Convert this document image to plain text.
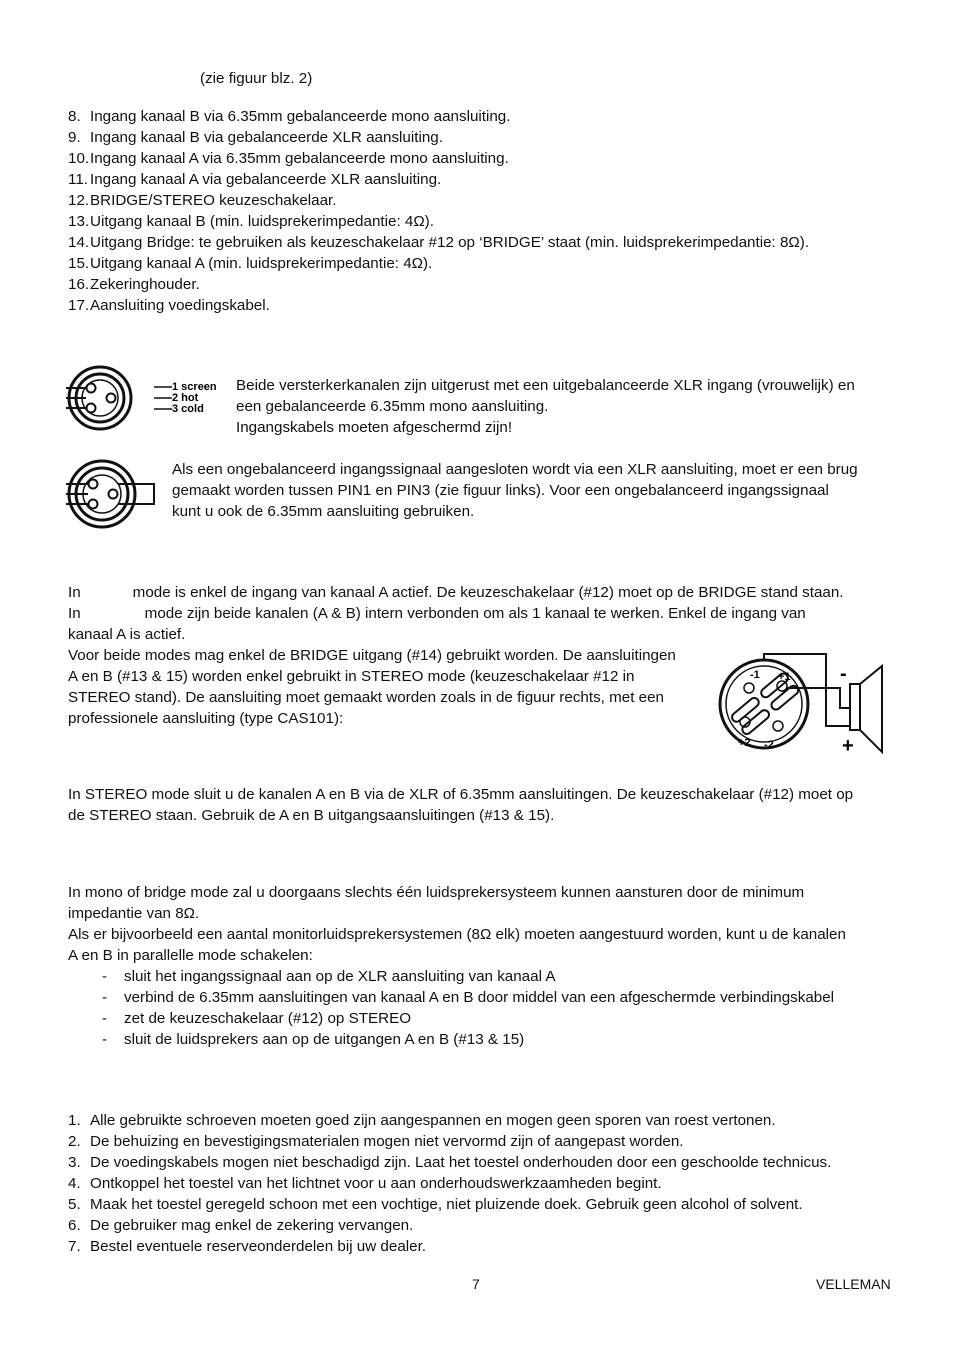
(zie figuur blz. 2)
8. Ingang kanaal B via 6.35mm gebalanceerde mono aansluiting.
9. Ingang kanaal B via gebalanceerde XLR aansluiting.
10.Ingang kanaal A via 6.35mm gebalanceerde mono aansluiting.
11. Ingang kanaal A via gebalanceerde XLR aansluiting.
12.BRIDGE/STEREO keuzeschakelaar.
13.Uitgang kanaal B (min. luidsprekerimpedantie: 4Ω).
14.Uitgang Bridge: te gebruiken als keuzeschakelaar #12 op ‘BRIDGE’ staat (min. luidsprekerimpedantie: 8Ω).
15.Uitgang kanaal A (min. luidsprekerimpedantie: 4Ω).
16.Zekeringhouder.
17.Aansluiting voedingskabel.
1 screen
2 hot
3 cold
Beide versterkerkanalen zijn uitgerust met een uitgebalanceerde XLR ingang (vrouwelijk) en
een gebalanceerde 6.35mm mono aansluiting.
Ingangskabels moeten afgeschermd zijn!
Als een ongebalanceerd ingangssignaal aangesloten wordt via een XLR aansluiting, moet er een brug
gemaakt worden tussen PIN1 en PIN3 (zie figuur links). Voor een ongebalanceerd ingangssignaal
kunt u ook de 6.35mm aansluiting gebruiken.
In	mode is enkel de ingang van kanaal A actief. De keuzeschakelaar (#12) moet op de BRIDGE stand staan.
In	mode zijn beide kanalen (A & B) intern verbonden om als 1 kanaal te werken. Enkel de ingang van
kanaal A is actief.
Voor beide modes mag enkel de BRIDGE uitgang (#14) gebruikt worden. De aansluitingen
A en B (#13 & 15) worden enkel gebruikt in STEREO mode (keuzeschakelaar #12 in
STEREO stand). De aansluiting moet gemaakt worden zoals in de figuur rechts, met een
professionele aansluiting (type CAS101):
-1 +1
+2 -2
-
+
In STEREO mode sluit u de kanalen A en B via de XLR of 6.35mm aansluitingen. De keuzeschakelaar (#12) moet op
de STEREO staan. Gebruik de A en B uitgangsaansluitingen (#13 & 15).
In mono of bridge mode zal u doorgaans slechts één luidsprekersysteem kunnen aansturen door de minimum
impedantie van 8Ω.
Als er bijvoorbeeld een aantal monitorluidsprekersystemen (8Ω elk) moeten aangestuurd worden, kunt u de kanalen
A en B in parallelle mode schakelen:
- sluit het ingangssignaal aan op de XLR aansluiting van kanaal A
- verbind de 6.35mm aansluitingen van kanaal A en B door middel van een afgeschermde verbindingskabel
- zet de keuzeschakelaar (#12) op STEREO
- sluit de luidsprekers aan op de uitgangen A en B (#13 & 15)
1. Alle gebruikte schroeven moeten goed zijn aangespannen en mogen geen sporen van roest vertonen.
2. De behuizing en bevestigingsmaterialen mogen niet vervormd zijn of aangepast worden.
3. De voedingskabels mogen niet beschadigd zijn. Laat het toestel onderhouden door een geschoolde technicus.
4. Ontkoppel het toestel van het lichtnet voor u aan onderhoudswerkzaamheden begint.
5. Maak het toestel geregeld schoon met een vochtige, niet pluizende doek. Gebruik geen alcohol of solvent.
6. De gebruiker mag enkel de zekering vervangen.
7. Bestel eventuele reserveonderdelen bij uw dealer.
7	VELLEMAN
